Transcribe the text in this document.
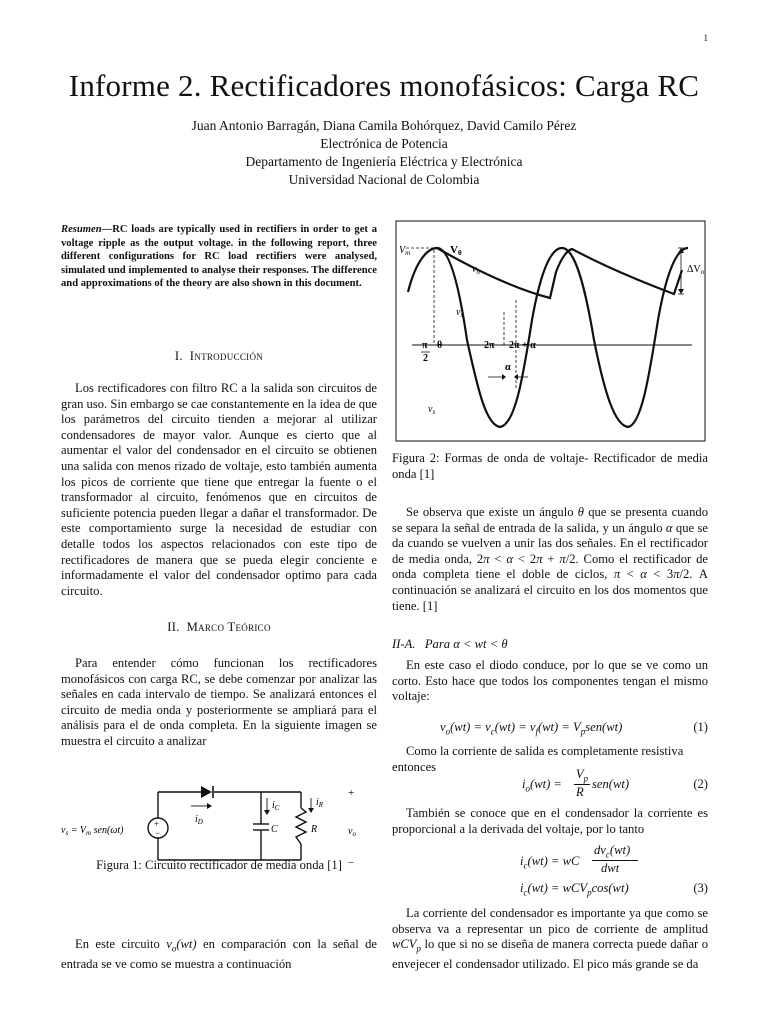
1
Informe 2. Rectificadores monofásicos: Carga RC
Juan Antonio Barragán, Diana Camila Bohórquez, David Camilo Pérez
Electrónica de Potencia
Departamento de Ingeniería Eléctrica y Electrónica
Universidad Nacional de Colombia
Resumen—RC loads are typically used in rectifiers in order to get a voltage ripple as the output voltage. in the following report, three different configurations for RC load rectifiers were analysed, simulated und implemented to analyse their responses. The difference and approximations of the theory are also shown in this document.
I. Introducción

Los rectificadores con filtro RC a la salida son circuitos de gran uso. Sin embargo se cae constantemente en la idea de que los parámetros del circuito tienden a mejorar al utilizar condensadores de mayor valor. Aunque es cierto que al aumentar el valor del condensador en el circuito se obtienen una salida con menos rizado de voltaje, esto también aumenta los picos de corriente que tiene que entregar la fuente o el transformador al circuito, fenómenos que en circuitos de suficiente potencia pueden llegar a dañar el transformador. De este comportamiento surge la necesidad de estudiar con detalle todos los aspectos relacionados con este tipo de rectificadores de manera que se pueda elegir conciente e informadamente el valor del condensador optimo para cada circuito.

II. Marco Teórico

Para entender cómo funcionan los rectificadores monofásicos con carga RC, se debe comenzar por analizar las señales en cada intervalo de tiempo. Se analizará entonces el circuito de media onda y posteriormente se ampliará para el análisis para el de onda completa. En la siguiente imagen se muestra el circuito a analizar

+
−
$v_s = V_m$ sen(ωt)
$i_D$
$i_C$	$i_R$
C	R
+
$v_o$
−
Figura 1: Circuito rectificador de media onda [1]

En este circuito $v_o(wt)$ en comparación con la señal de entrada se ve como se muestra a continuación

$V_m$	Vθ
$v_o$
$v_s$
$\Delta V_o$
π
2
θ	2π 2π + α
α
$v_s$
Figura 2: Formas de onda de voltaje- Rectificador de media onda [1]

Se observa que existe un ángulo θ que se presenta cuando se separa la señal de entrada de la salida, y un ángulo α que se da cuando se vuelven a unir las dos señales. En el rectificador de media onda, 2π < α < 2π + π/2. Como el rectificador de onda completa tiene el doble de ciclos, π < α < 3π/2. A continuación se analizará el circuito en los dos momentos que tiene. [1]

II-A.   Para α < wt < θ

En este caso el diodo conduce, por lo que se ve como un corto. Esto hace que todos los componentes tengan el mismo voltaje:

$v_o(wt) = v_c(wt) = v_f(wt) = V_psen(wt)$	(1)

Como la corriente de salida es completamente resistiva

entonces
$i_o(wt)$ =
$V_p$
R
sen(wt)	(2)

También se conoce que en el condensador la corriente es proporcional a la derivada del voltaje, por lo tanto

$i_c(wt)$ = wC
$dv_c(wt)$
dwt
$i_c(wt) = wCV_p\cos(wt)$	(3)

La corriente del condensador es importante ya que como se observa va a representar un pico de corriente de amplitud wCV$_p$ lo que si no se diseña de manera correcta puede dañar o envejecer el condensador utilizado. El pico más grande se da
